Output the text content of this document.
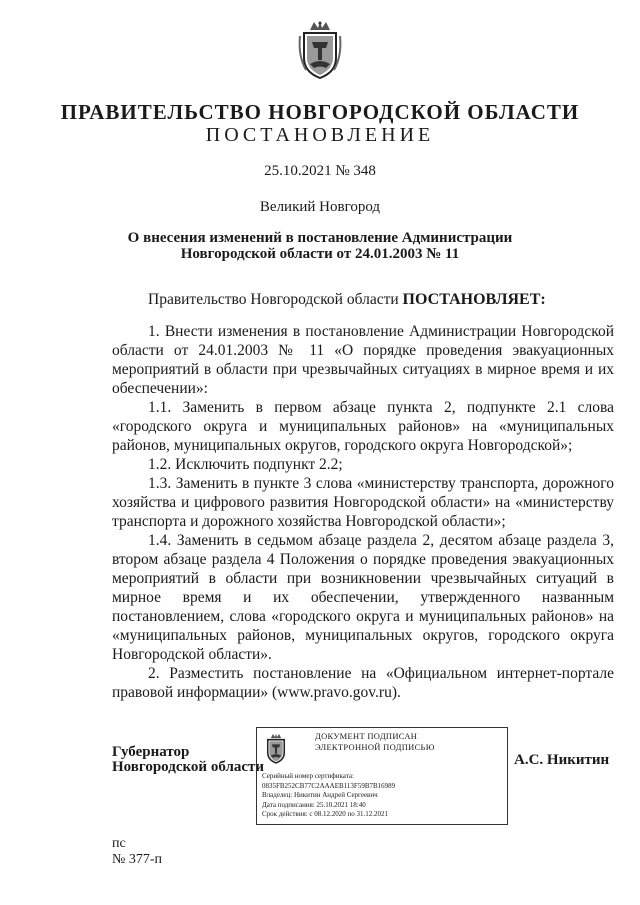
ПРАВИТЕЛЬСТВО НОВГОРОДСКОЙ ОБЛАСТИ
ПОСТАНОВЛЕНИЕ
25.10.2021 № 348
Великий Новгород
О внесения изменений в постановление Администрации
Новгородской области от 24.01.2003 № 11

Правительство Новгородской области ПОСТАНОВЛЯЕТ:

1. Внести изменения в постановление Администрации Новгородской области от 24.01.2003 № 11 «О порядке проведения эвакуационных мероприятий в области при чрезвычайных ситуациях в мирное время и их обеспечении»:

1.1. Заменить в первом абзаце пункта 2, подпункте 2.1 слова «городского округа и муниципальных районов» на «муниципальных районов, муниципальных округов, городского округа Новгородской»;

1.2. Исключить подпункт 2.2;

1.3. Заменить в пункте 3 слова «министерству транспорта, дорожного хозяйства и цифрового развития Новгородской области» на «министерству транспорта и дорожного хозяйства Новгородской области»;

1.4. Заменить в седьмом абзаце раздела 2, десятом абзаце раздела 3, втором абзаце раздела 4 Положения о порядке проведения эвакуационных мероприятий в области при возникновении чрезвычайных ситуаций в мирное время и их обеспечении, утвержденного названным постановлением, слова «городского округа и муниципальных районов» на «муниципальных районов, муниципальных округов, городского округа Новгородской области».

2. Разместить постановление на «Официальном интернет-портале правовой информации» (www.pravo.gov.ru).

Губернатор
Новгородской области
ДОКУМЕНТ ПОДПИСАН
ЭЛЕКТРОННОЙ ПОДПИСЬЮ
Серийный номер сертификата:
0835FB252CB77C2AAAEB113F59B7B16989
Владелец: Никитин Андрей Сергеевич
Дата подписания: 25.10.2021 18:40
Срок действия: с 08.12.2020 по 31.12.2021
А.С. Никитин
пс
№ 377-п
